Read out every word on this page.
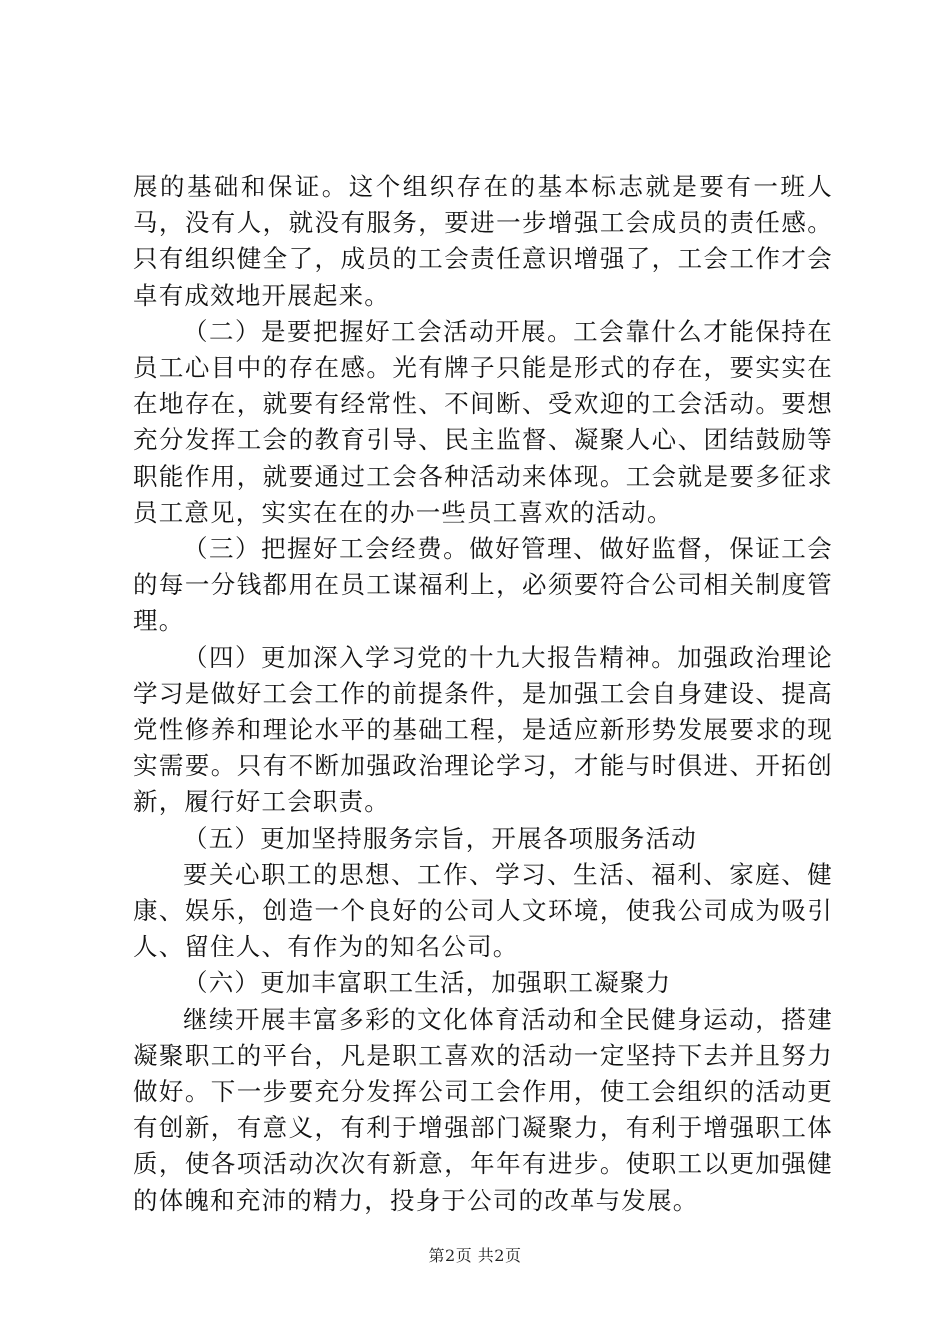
展的基础和保证。这个组织存在的基本标志就是要有一班人马，没有人，就没有服务，要进一步增强工会成员的责任感。只有组织健全了，成员的工会责任意识增强了，工会工作才会卓有成效地开展起来。

（二）是要把握好工会活动开展。工会靠什么才能保持在员工心目中的存在感。光有牌子只能是形式的存在，要实实在在地存在，就要有经常性、不间断、受欢迎的工会活动。要想充分发挥工会的教育引导、民主监督、凝聚人心、团结鼓励等职能作用，就要通过工会各种活动来体现。工会就是要多征求员工意见，实实在在的办一些员工喜欢的活动。

（三）把握好工会经费。做好管理、做好监督，保证工会的每一分钱都用在员工谋福利上，必须要符合公司相关制度管理。

（四）更加深入学习党的十九大报告精神。加强政治理论学习是做好工会工作的前提条件，是加强工会自身建设、提高党性修养和理论水平的基础工程，是适应新形势发展要求的现实需要。只有不断加强政治理论学习，才能与时俱进、开拓创新，履行好工会职责。

（五）更加坚持服务宗旨，开展各项服务活动

要关心职工的思想、工作、学习、生活、福利、家庭、健康、娱乐，创造一个良好的公司人文环境，使我公司成为吸引人、留住人、有作为的知名公司。

（六）更加丰富职工生活，加强职工凝聚力

继续开展丰富多彩的文化体育活动和全民健身运动，搭建凝聚职工的平台，凡是职工喜欢的活动一定坚持下去并且努力做好。下一步要充分发挥公司工会作用，使工会组织的活动更有创新，有意义，有利于增强部门凝聚力，有利于增强职工体质，使各项活动次次有新意，年年有进步。使职工以更加强健的体魄和充沛的精力，投身于公司的改革与发展。

第2页 共2页
